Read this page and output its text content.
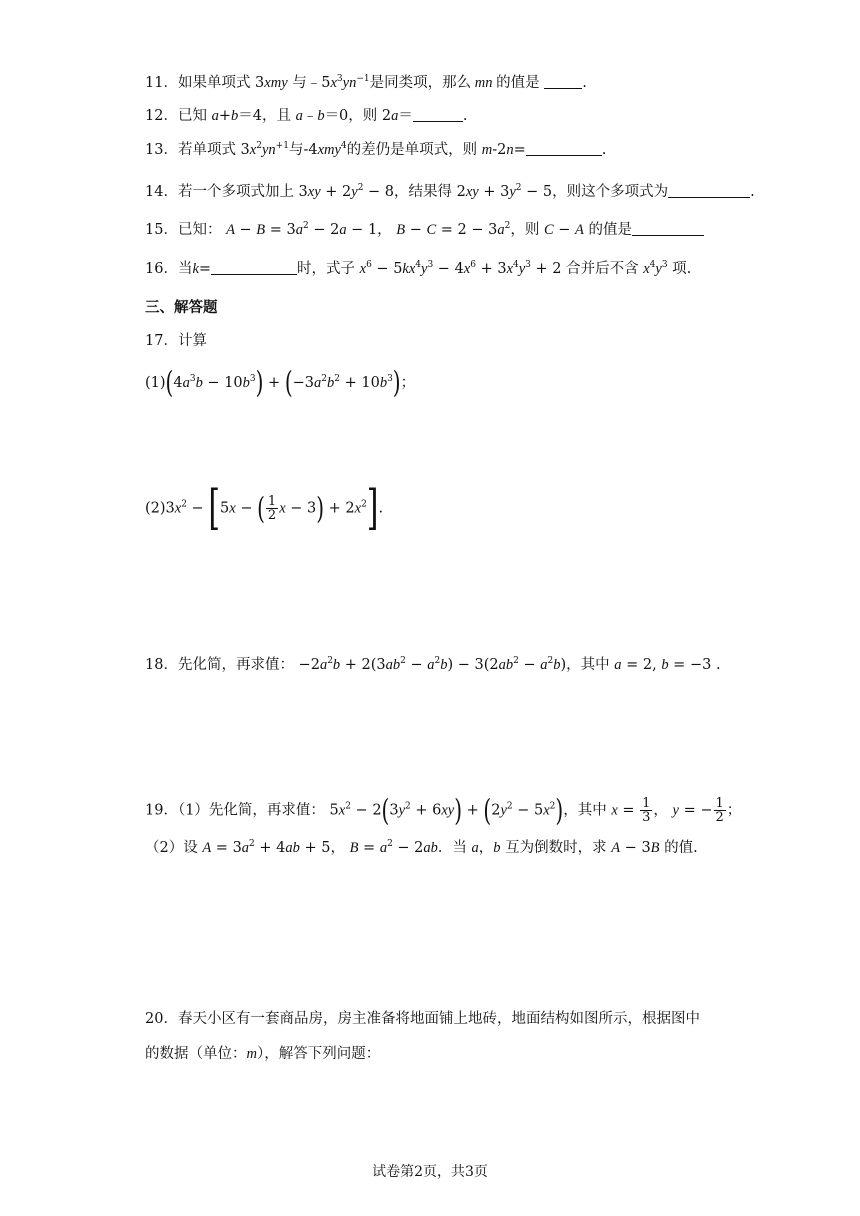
11．如果单项式 3xmy 与$﹣5x^3yn^{-1}$是同类项，那么 mn 的值是	.
12．已知 a+b＝4，且 a﹣b＝0，则 2a＝	.
13．若单项式 $3x^2yn^{+1}$与-4xmy$^4$的差仍是单项式，则 m-2n=	.
14．若一个多项式加上 $3xy + 2y^2 - 8$，结果得 $2xy + 3y^2 - 5$，则这个多项式为	.
15．已知： $A - B = 3a^2 - 2a - 1$， $B - C = 2 - 3a^2$，则 C − A 的值是
16．当k=	时，式子 $x^6 - 5kx^4y^3 - 4x^6 + 3x^4y^3 + 2$ 合并后不含 $x^4y^3$ 项.
三、解答题
17．计算
$(1)(4a^3b - 10b^3) + (-3a^2b^2 + 10b^3)$；
$(2)3x^2 - [5x$ − ( $\frac{1}{2}$ $x - 3) + 2x^2$].
18．先化简，再求值： $-2a^2b + 2(3ab^2 - a^2b) - 3(2ab^2 - a^2b)$，其中 a = 2, b = −3 .
19．（1）先化简，再求值： $5x^2 - 2(3y^2 + 6xy) + (2y^2 - 5x^2)$，其中 $x = \frac{1}{3}$ ， y = − $\frac{1}{2}$ ；
（2）设 $A = 3a^2 + 4ab + 5$， $B = a^2 - 2ab$．当 a，b 互为倒数时，求 A − 3B 的值.
20．春天小区有一套商品房，房主准备将地面铺上地砖，地面结构如图所示，根据图中
的数据（单位：m），解答下列问题：
试卷第2页，共3页
